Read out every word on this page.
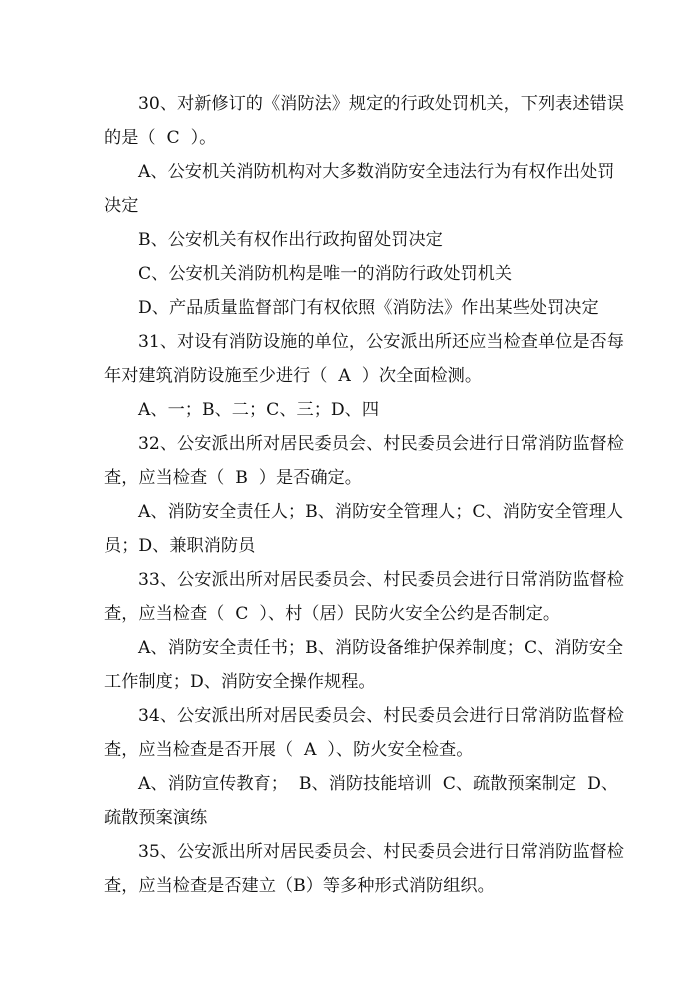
30、对新修订的《消防法》规定的行政处罚机关，下列表述错误
的是（  C  ）。
A、公安机关消防机构对大多数消防安全违法行为有权作出处罚
决定
B、公安机关有权作出行政拘留处罚决定
C、公安机关消防机构是唯一的消防行政处罚机关
D、产品质量监督部门有权依照《消防法》作出某些处罚决定
31、对设有消防设施的单位，公安派出所还应当检查单位是否每
年对建筑消防设施至少进行（  A  ）次全面检测。
A、一；B、二；C、三；D、四
32、公安派出所对居民委员会、村民委员会进行日常消防监督检
查，应当检查（  B  ）是否确定。
A、消防安全责任人；B、消防安全管理人；C、消防安全管理人
员；D、兼职消防员
33、公安派出所对居民委员会、村民委员会进行日常消防监督检
查，应当检查（  C  ）、村（居）民防火安全公约是否制定。
A、消防安全责任书；B、消防设备维护保养制度；C、消防安全
工作制度；D、消防安全操作规程。
34、公安派出所对居民委员会、村民委员会进行日常消防监督检
查，应当检查是否开展（  A  ）、防火安全检查。
A、消防宣传教育；  B、消防技能培训  C、疏散预案制定  D、
疏散预案演练
35、公安派出所对居民委员会、村民委员会进行日常消防监督检
查，应当检查是否建立（B）等多种形式消防组织。
